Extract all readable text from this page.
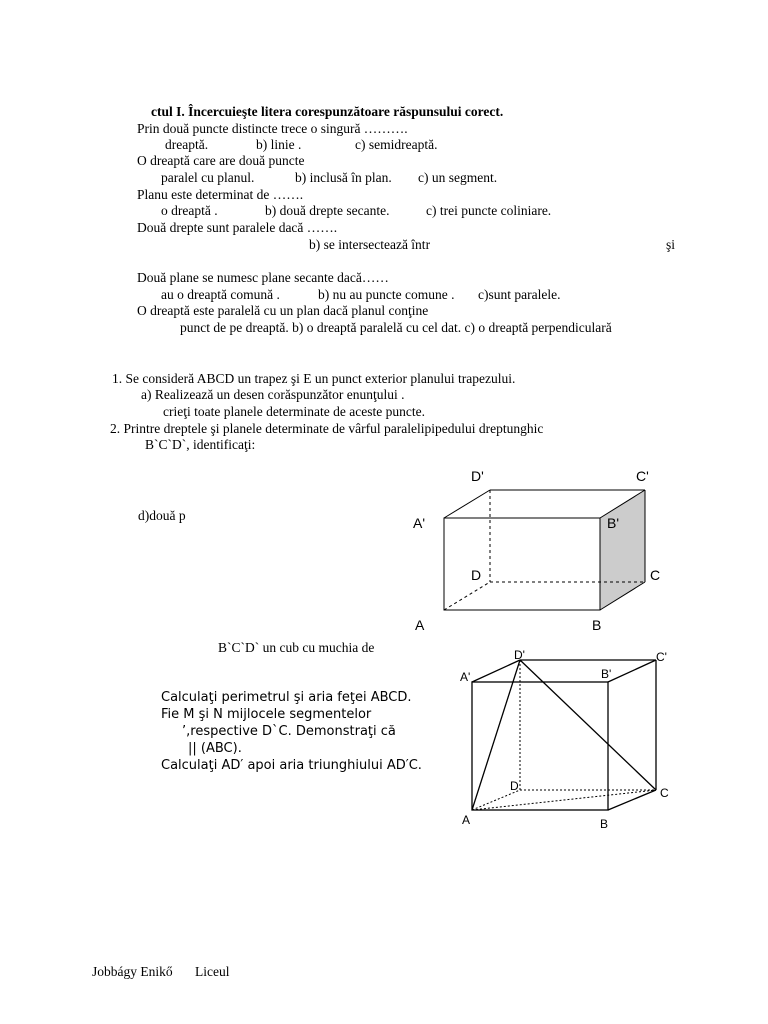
ctul I. Încercuieşte litera corespunzătoare răspunsului corect.
Prin două puncte distincte trece o singură ……….
dreaptă.	b) linie .	c) semidreaptă.
O dreaptă care are două puncte
paralel cu planul.	b) inclusă în plan. c) un segment.
Planu este determinat de …….
o dreaptă .	b) două drepte secante.	c) trei puncte coliniare.
Două drepte sunt paralele dacă …….
b) se intersectează într	şi
Două plane se numesc plane secante dacă……
au o dreaptă comună .	b) nu au puncte comune . c)sunt paralele.
O dreaptă este paralelă cu un plan dacă planul conţine
punct de pe dreaptă. b) o dreaptă paralelă cu cel dat. c) o dreaptă perpendiculară
1. Se consideră ABCD un trapez şi E un punct exterior planului trapezului.
a) Realizează un desen corăspunzător enunţului .
crieţi toate planele determinate de aceste puncte.
2. Printre dreptele şi planele determinate de vârful paralelipipedului dreptunghic
B`C`D`, identificaţi:
d)două p
D'	C'
A'	B'
D	C
A	B
B`C`D` un cub cu muchia de
Calculaţi perimetrul şi aria feţei ABCD.
Fie M şi N mijlocele segmentelor
’,respective D`C. Demonstraţi că
|| (ABC).
Calculaţi AD′ apoi aria triunghiului AD′C.
D'
A'	B'
C'
D	C
A	B
Jobbágy Enikő Liceul
